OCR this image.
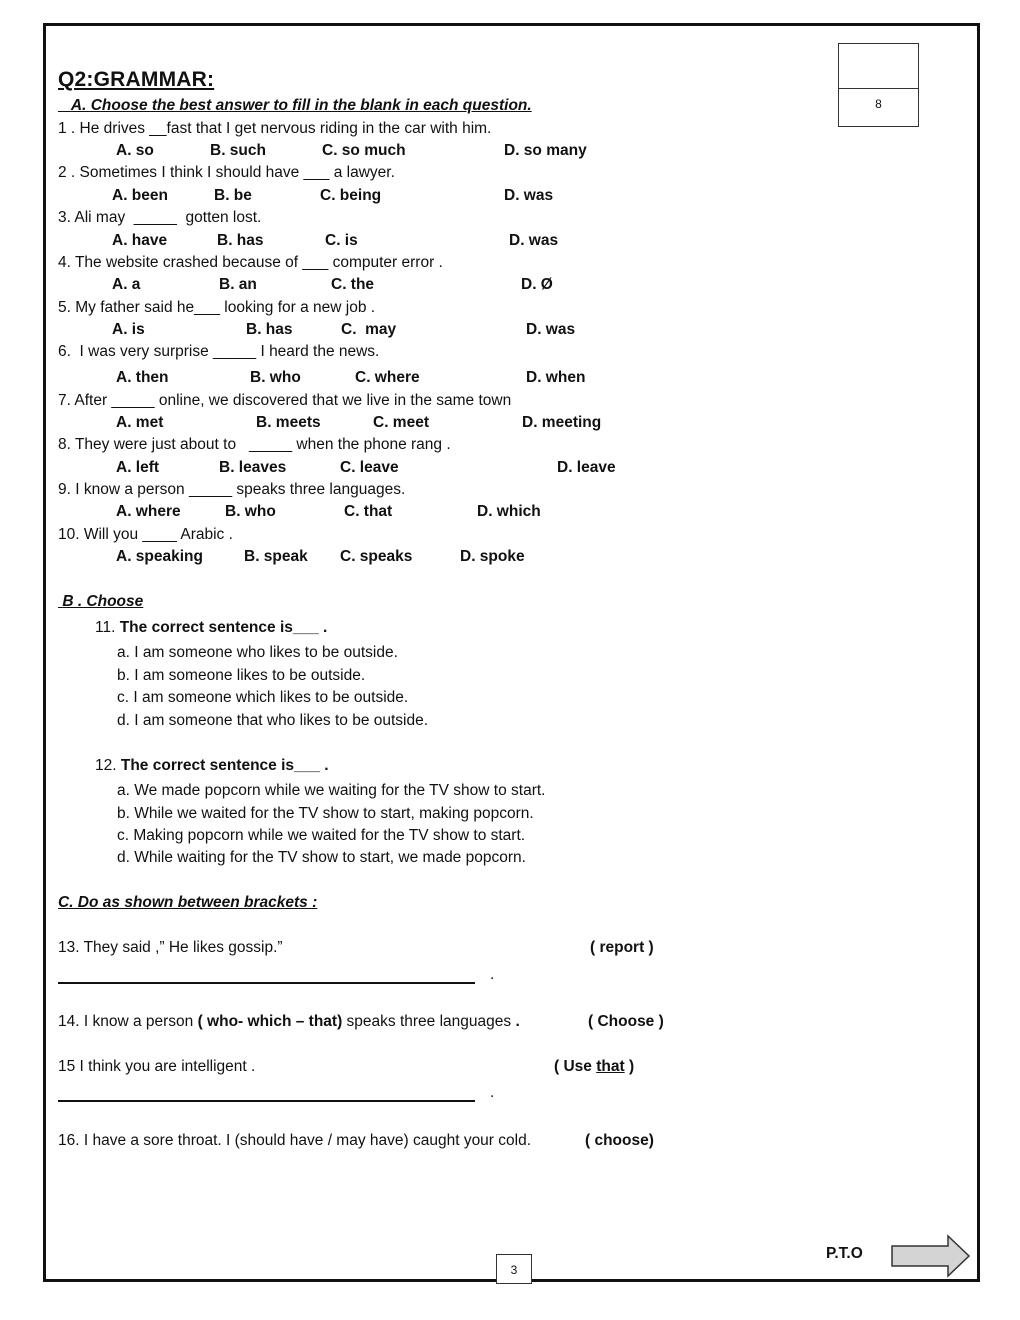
8
Q2:GRAMMAR:
A. Choose the best answer to fill in the blank in each question.
1 . He drives __fast that I get nervous riding in the car with him.
A. so	B. such	C. so much	D. so many
2 . Sometimes I think I should have ___ a lawyer.
A. been	B. be	C. being	D. was
3. Ali may  _____  gotten lost.
A. have	B. has	C. is	D. was
4. The website crashed because of ___ computer error .
A. a	B. an	C. the	D. Ø
5. My father said he___ looking for a new job .
A. is	B. has	C.  may	D. was
6.  I was very surprise _____ I heard the news.
A. then	B. who	C. where	D. when
7. After _____ online, we discovered that we live in the same town
A. met	B. meets	C. meet	D. meeting
8. They were just about to   _____ when the phone rang .
A. left	B. leaves	C. leave	D. leave
9. I know a person _____ speaks three languages.
A. where	B. who	C. that	D. which
10. Will you ____ Arabic .
A. speaking	B. speak C. speaks	D. spoke
B . Choose
11. The correct sentence is___ .
a. I am someone who likes to be outside.
b. I am someone likes to be outside.
c. I am someone which likes to be outside.
d. I am someone that who likes to be outside.
12. The correct sentence is___ .
a. We made popcorn while we waiting for the TV show to start.
b. While we waited for the TV show to start, making popcorn.
c. Making popcorn while we waited for the TV show to start.
d. While waiting for the TV show to start, we made popcorn.
C. Do as shown between brackets :
13. They said ,” He likes gossip.”	( report )
.
14. I know a person ( who- which – that) speaks three languages .	( Choose )
15 I think you are intelligent .	( Use that )
.
16. I have a sore throat. I (should have / may have) caught your cold.	( choose)
3
P.T.O
